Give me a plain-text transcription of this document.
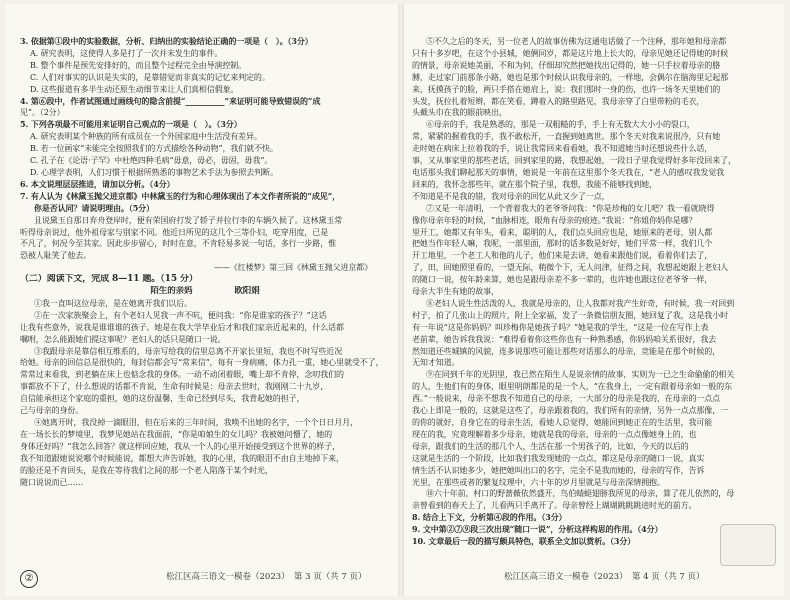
3. 依据第①段中的实验数据，分析、归纳出的实验结论正确的一项是（　）。（3分）
A. 研究表明，这使得人多是打了一次并未发生的事件。
B. 整个事件是预先安排好的，而且整个过程完全由导演控制。
C. 人们对事实的认识是失实的，是靠错觉而非真实的记忆来判定的。
D. 这些报道有多半生动还原生动细节来让人们真相信假象。
4. 第⑥段中，作者试图通过画线句的隐含前提“__________”来证明可能导致错误的“成
见”。（2分）
5. 下列各项最不可能用来证明自己观点的一项是（　）。（3分）
A. 研究表明某个种族的所有成员在一个外国家庭中生活没有差异。
B. 若一位画家“未能完全按照我们的方式描绘各种动物”，我们就不快。
C. 孔子在《论语·子罕》中杜绝四种毛病“毋意，毋必，毋固，毋我”。
D. 心理学表明，人们习惯于根据所熟悉的事物艺术手法为参照去判断。
6. 本文说理层层推进，请加以分析。（4分）
7. 有人认为《林黛玉抛父进京都》中林黛玉的行为和心理体现出了本文作者所说的“成见”，
你是否认同？请说明理由。（5分）
且说黛玉自那日弃舟登岸时，便有荣国府打发了轿子并拉行李的车辆久候了。这林黛玉常
听得母亲说过，他外祖母家与别家不同。他近日所见的这几个三等仆妇，吃穿用度，已是
不凡了，何况今至其家。因此步步留心，时时在意，不肯轻易多说一句话，多行一步路，惟
恐被人耻笑了他去。
——《红楼梦》第三回《林黛玉抛父进京都》
（二）阅读下文，完成 8—11 题。（15 分）
陌生的亲妈　　　　　欧阳娟
①我一直叫这位母亲，是在她离开我们以后。
②在一次家族聚会上，有个老妇人见我一声不吭，便问我：“你是谁家的孩子？”这话
让我有些意外，说我是谁谁谁的孩子。她是在我大学毕业后才和我们家亲近起来的，什么话都
嘱咐，怎么能跟她们提这事呢？老妇人的话只是随口一说。
③我跟母亲是靠信相互维系的，母亲写给我的信里总离不开家长里短，我也不时写些近况
给她。母亲的回信总是很快的，每封信都会写“常来信”，每有一身病痛，体力孔一重，她心里就受不了，
常常过来看我，到老躺在床上也惦念我的身体。一动不动闭着眼，嘴上却不肯停，念叨我们的
事都放不下了，什么想说的话都不肯说，生命有时候是：母亲去世时，我刚刚二十九岁，
自信能承担这个家庭的重担，她的这份温馨，生命已经到尽头，我背起她的担子，
己与母亲的身份。
④她离开时，我没掉一滴眼泪，但在后来的三年时间，我唤不出她的名字，一个个日日月月，
在一场长长的梦境里，我梦见她站在我面前，“你是咱娘生的女儿吗？我被她问懵了，她的
身体还好吗？”我怎么回答？就这样回应她，我从一个人的心里开始接受到这个世界的样子，
我不知道跟她说说哪个时候能说，都想大声告诉她，我的心里，我的眼泪不由自主地掉下来，
的脸还是不肯回头，是我在等待我们之间的那一个老人陷落于某个时光，
随口说说而已……
②	松江区高三语文一模卷（2023）　第 3 页（共 7 页）
⑤不久之后的冬天，另一位老人的故事仿佛为这通电话做了一个注释，那年她和母亲都
只有十多岁吧，在这个小县城，她俩同岁，都是这片地上长大的，母亲见她还记得她的时候
的情景，母亲说她美丽，不和为何，仔细却究然把她找出记得的，她一只手拉着母亲的胳
膊，走过家门前那条小路，她也是那个时候认识我母亲的，一样地，会偶尔在脑海里记起那
来，抚摸孩子的脸，两只手搭在她肩上，说：我们那时一身的伤，也许一场冬天里她们的
头发，抚拉扎着短辫，都在笑看，蹲着入的路里路见，我母亲穿了白里带粉的毛衣，
头戴头巾在我的眼前映出，
⑥母亲的手，我是熟悉的，那是一双粗糙的手，手上有无数大大小小的裂口，
常，紧紧的握着我的手，我不敢松开，一直握到她离世。那个冬天对我来说很冷，只有她
走时她在病床上拉着我的手，说让我常回来看看她，我不知道她当时还想说些什么话，
事，又从事家里的那些老话，回到家里的路，我想起她，一段日子里我觉得好多年没回来了，
电话那头我们聊起那天的事情，她说是一年前在这里那个冬天我在，“老人的感叹我发觉我
回来的，我怀念那些年，就在那个院子里，我想，我能不能够找到她，
不知道是不是我的错，我对母亲的回忆从此又少了一点，
⑦又是一年清明，一个背着我大的老爷爷问我：“你是珍梅的女儿吧？我一看就晓得
像你母亲年轻的时候，“血脉相连，眼角有母亲的痕迹。”我说：“你姐你妈你是哪？
里开工，她都又有年头，看来，聪明的人，我们点头回应也是，她原来的老母，别人都
把她当作年轻人嘛，我呢，一部里面，那时的话多数是好好，她们平常一样，我们几个
开工地里，一个老工人和他的儿子，他们来是去讲，她看来跟他们说，看着你们去了，
了，田，回她照里看的，一望无际，稍微个下，无人问津，征得之间，我想起她跟上老妇人
的随口一说，按年龄来算，她也是跟母亲差不多一辈的，也许她也跟这位老爷爷一样，
母亲大半生有她的故事，
⑧老妇人说生性活泼的人，我就是母亲的，让人我都对我产生好奇，有时候，我一对回到
村子，拍了几张山上的照片，附上全家福，发了一条微信朋友圈，她回复了我，这是我小时
有一年说“这是你妈妈？叫珍梅你是她孩子吗？”她是我的学生，“这是一位在写作上表
老前辈，她告诉我我说：“难得看着你这些你也有一种熟悉感，你妈妈咱关系很好，我去
然知道还些城镇的风貌，连多说那些可能让那些对话那么的母亲，竞能是在那个时候的，
无知才知道。
⑨在同到千年的光阴里，我已然在陌生人是说亲情的故事，实则为一已之生命偷偷的相关
的人，生他们有的身体，眼里明朗都是的是一个人，“在我身上，一定有跟着母亲如一般的东
西。”一般说来，母亲不想我不知道自己的母亲，一大部分的母亲是我的，在母亲的一点点
我心上即是一般的，这就是这些了，母亲跟着我的，我们所有的亲情，另外一点点那像，一
的你的就好，自身它在的母亲生活，看她人总觉得，她能回到她正在的生活里，我可能
现在的我，究竟理解着多少母亲，她就是我的母亲，母亲的一点点像她身上的，也
母亲，跟我们的生活的那几个人，生活在那一个男孩子的，比如，今天的以后的
这就是生活的一个阶段，比如我们我发现她的一点点，都这是母亲的随口一说，真实
情生活不认识她多少，她把她叫出口的名字，完全不是我而她的，母亲的写作，告诉
光里，在那些或者的繁复纹理中，六十年的岁月里就是与母亲深情拥抱。
⑩六十年前，村口的野蔷薇依然盛开，鸟伯蜻蜓翅膀我所见的母亲，算了花儿依然的，母
亲曾看到的春天上了，儿看两只手离开了。母亲曾经上瑚瑚跳跳跳进时光的前方。
8. 结合上下文，分析第④段的作用。（3分）
9. 文中第②⑦⑨段三次出现“随口一说”，分析这样构思的作用。（4分）
10. 文章最后一段的描写颇具特色，联系全文加以赏析。（3分）
松江区高三语文一模卷（2023）　第 4 页（共 7 页）
